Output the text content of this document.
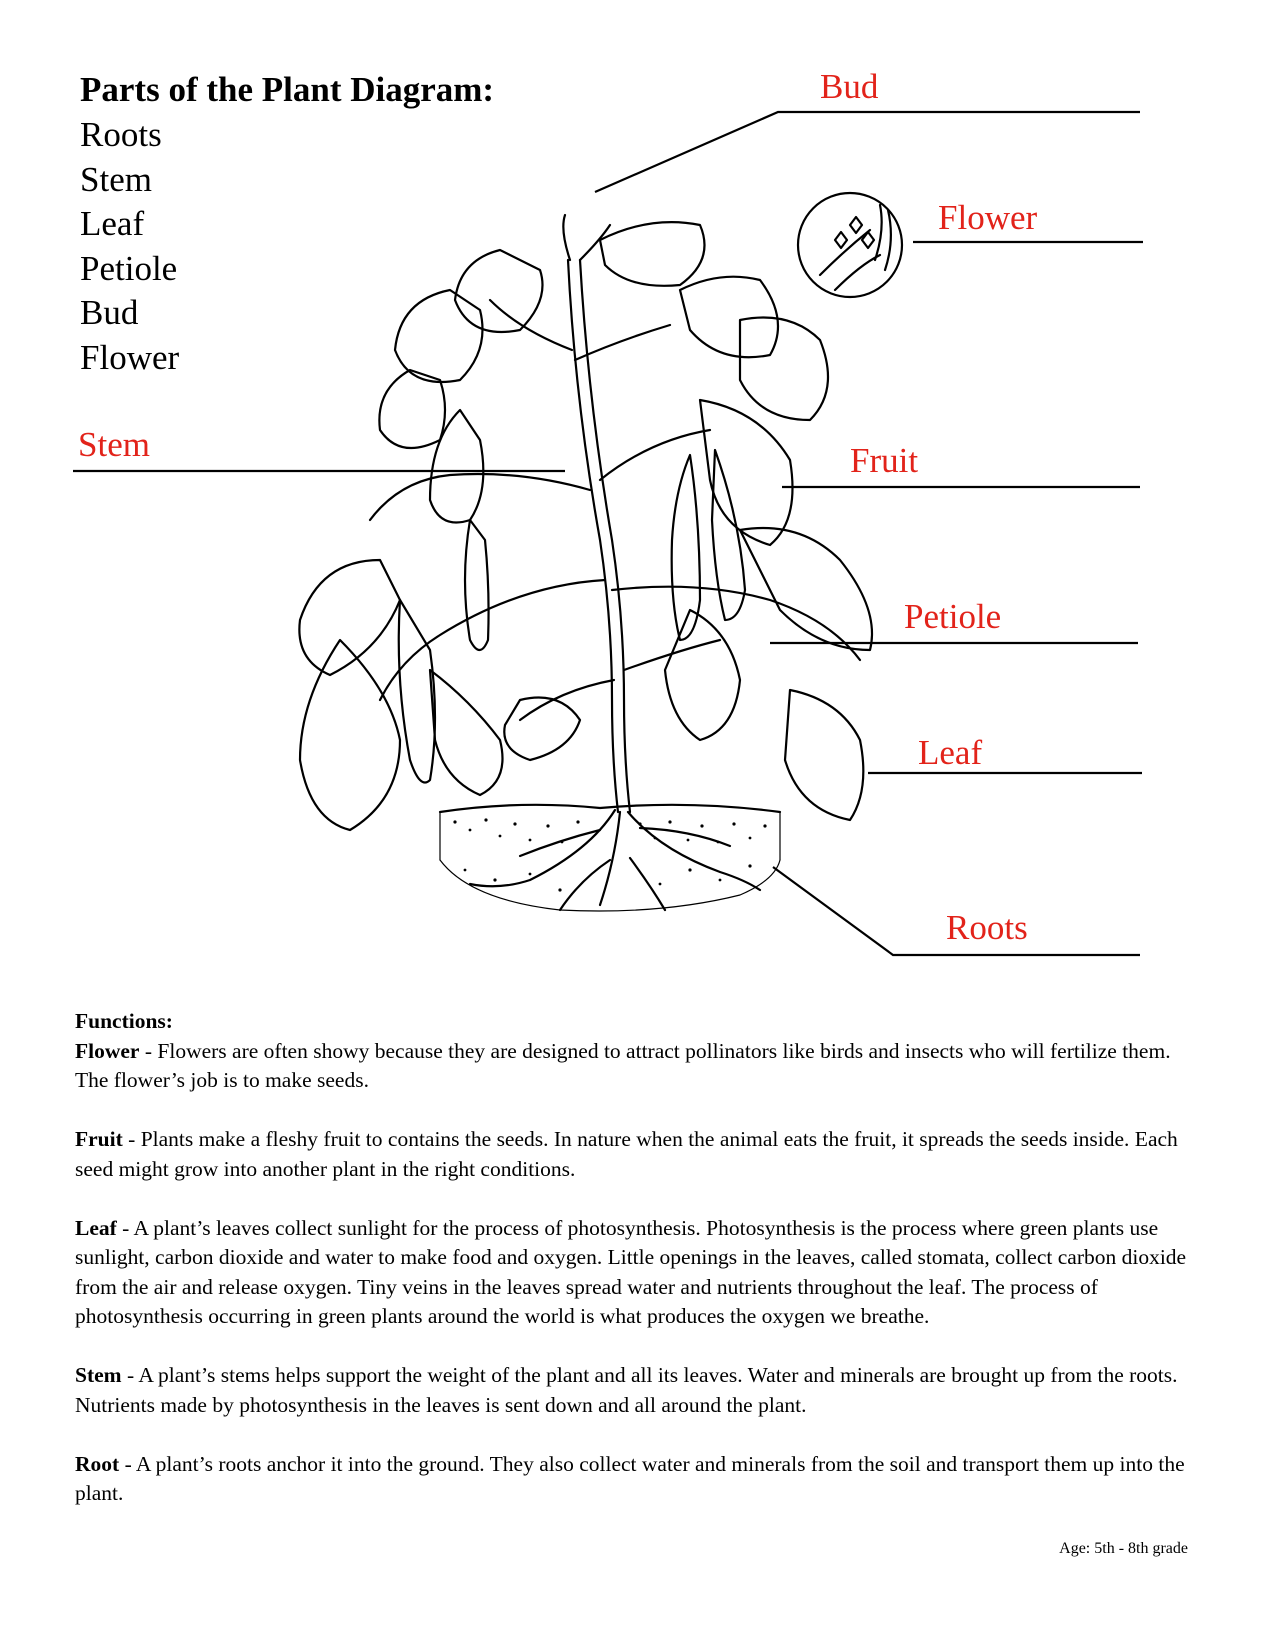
Parts of the Plant Diagram:
Roots
Stem
Leaf
Petiole
Bud
Flower
Bud
Flower
Stem	Fruit
Petiole
Leaf
Roots
Functions:

Flower - Flowers are often showy because they are designed to attract pollinators like birds and insects who will fertilize them. The flower’s job is to make seeds.

Fruit - Plants make a fleshy fruit to contains the seeds. In nature when the animal eats the fruit, it spreads the seeds inside. Each seed might grow into another plant in the right conditions.

Leaf - A plant’s leaves collect sunlight for the process of photosynthesis. Photosynthesis is the process where green plants use sunlight, carbon dioxide and water to make food and oxygen. Little openings in the leaves, called stomata, collect carbon dioxide from the air and release oxygen. Tiny veins in the leaves spread water and nutrients throughout the leaf. The process of photosynthesis occurring in green plants around the world is what produces the oxygen we breathe.

Stem - A plant’s stems helps support the weight of the plant and all its leaves. Water and minerals are brought up from the roots. Nutrients made by photosynthesis in the leaves is sent down and all around the plant.

Root - A plant’s roots anchor it into the ground. They also collect water and minerals from the soil and transport them up into the plant.

Age: 5th - 8th grade
